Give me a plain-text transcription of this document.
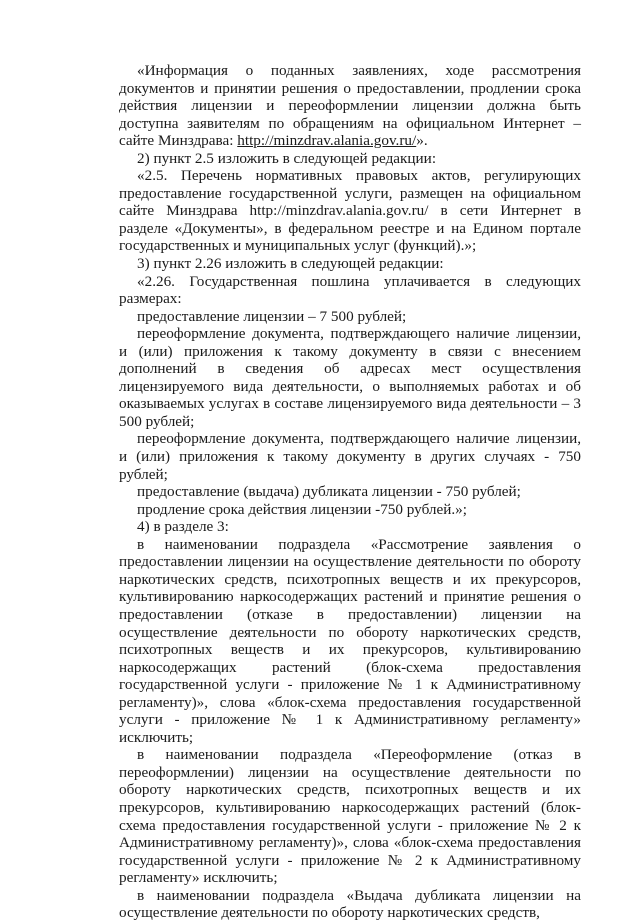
«Информация о поданных заявлениях, ходе рассмотрения документов и принятии решения о предоставлении, продлении срока действия лицензии и переоформлении лицензии должна быть доступна заявителям по обращениям на официальном Интернет – сайте Минздрава: http://minzdrav.alania.gov.ru/».

2) пункт 2.5 изложить в следующей редакции:

«2.5. Перечень нормативных правовых актов, регулирующих предоставление государственной услуги, размещен на официальном сайте Минздрава http://minzdrav.alania.gov.ru/ в сети Интернет в разделе «Документы», в федеральном реестре и на Едином портале государственных и муниципальных услуг (функций).»;

3) пункт 2.26 изложить в следующей редакции:

«2.26. Государственная пошлина уплачивается в следующих размерах:

предоставление лицензии – 7 500 рублей;

переоформление документа, подтверждающего наличие лицензии, и (или) приложения к такому документу в связи с внесением дополнений в сведения об адресах мест осуществления лицензируемого вида деятельности, о выполняемых работах и об оказываемых услугах в составе лицензируемого вида деятельности – 3 500 рублей;

переоформление документа, подтверждающего наличие лицензии, и (или) приложения к такому документу в других случаях - 750 рублей;

предоставление (выдача) дубликата лицензии - 750 рублей;

продление срока действия лицензии -750 рублей.»;

4) в разделе 3:

в наименовании подраздела «Рассмотрение заявления о предоставлении лицензии на осуществление деятельности по обороту наркотических средств, психотропных веществ и их прекурсоров, культивированию наркосодержащих растений и принятие решения о предоставлении (отказе в предоставлении) лицензии на осуществление деятельности по обороту наркотических средств, психотропных веществ и их прекурсоров, культивированию наркосодержащих растений (блок-схема предоставления государственной услуги - приложение № 1 к Административному регламенту)», слова «блок-схема предоставления государственной услуги - приложение № 1 к Административному регламенту» исключить;

в наименовании подраздела «Переоформление (отказ в переоформлении) лицензии на осуществление деятельности по обороту наркотических средств, психотропных веществ и их прекурсоров, культивированию наркосодержащих растений (блок-схема предоставления государственной услуги - приложение № 2 к Административному регламенту)», слова «блок-схема предоставления государственной услуги - приложение № 2 к Административному регламенту» исключить;

в наименовании подраздела «Выдача дубликата лицензии на осуществление деятельности по обороту наркотических средств,
